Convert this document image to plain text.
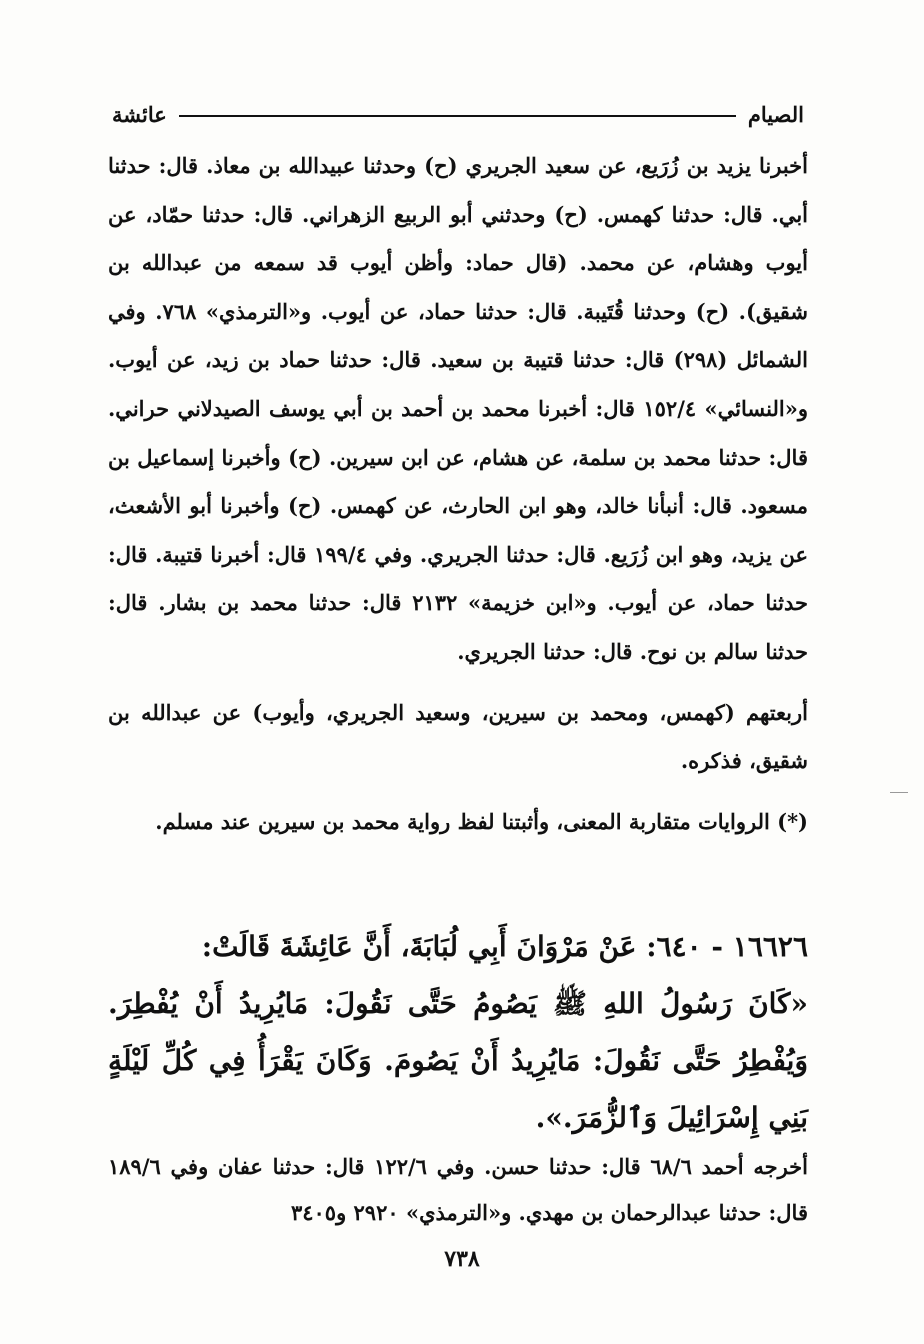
الصيام
عائشة

أخبرنا يزيد بن زُرَيع، عن سعيد الجريري (ح) وحدثنا عبيدالله بن معاذ. قال: حدثنا أبي. قال: حدثنا كهمس. (ح) وحدثني أبو الربيع الزهراني. قال: حدثنا حمّاد، عن أيوب وهشام، عن محمد. (قال حماد: وأظن أيوب قد سمعه من عبدالله بن شقيق). (ح) وحدثنا قُتَيبة. قال: حدثنا حماد، عن أيوب. و«الترمذي» ٧٦٨. وفي الشمائل (٢٩٨) قال: حدثنا قتيبة بن سعيد. قال: حدثنا حماد بن زيد، عن أيوب. و«النسائي» ١٥٢/٤ قال: أخبرنا محمد بن أحمد بن أبي يوسف الصيدلاني حراني. قال: حدثنا محمد بن سلمة، عن هشام، عن ابن سيرين. (ح) وأخبرنا إسماعيل بن مسعود. قال: أنبأنا خالد، وهو ابن الحارث، عن كهمس. (ح) وأخبرنا أبو الأشعث، عن يزيد، وهو ابن زُرَيع. قال: حدثنا الجريري. وفي ١٩٩/٤ قال: أخبرنا قتيبة. قال: حدثنا حماد، عن أيوب. و«ابن خزيمة» ٢١٣٢ قال: حدثنا محمد بن بشار. قال: حدثنا سالم بن نوح. قال: حدثنا الجريري.

أربعتهم (كهمس، ومحمد بن سيرين، وسعيد الجريري، وأيوب) عن عبدالله بن شقيق، فذكره.

(*) الروايات متقاربة المعنى، وأثبتنا لفظ رواية محمد بن سيرين عند مسلم.

١٦٦٢٦ - ٦٤٠: عَنْ مَرْوَانَ أَبِي لُبَابَةَ، أَنَّ عَائِشَةَ قَالَتْ:

«كَانَ رَسُولُ اللهِ ﷺ يَصُومُ حَتَّى نَقُولَ: مَايُرِيدُ أَنْ يُفْطِرَ. وَيُفْطِرُ حَتَّى نَقُولَ: مَايُرِيدُ أَنْ يَصُومَ. وَكَانَ يَقْرَأُ فِي كُلِّ لَيْلَةٍ بَنِي إِسْرَائِيلَ وَٱلزُّمَرَ.».

أخرجه أحمد ٦٨/٦ قال: حدثنا حسن. وفي ١٢٢/٦ قال: حدثنا عفان وفي ١٨٩/٦ قال: حدثنا عبدالرحمان بن مهدي. و«الترمذي» ٢٩٢٠ و٣٤٠٥

٧٣٨
